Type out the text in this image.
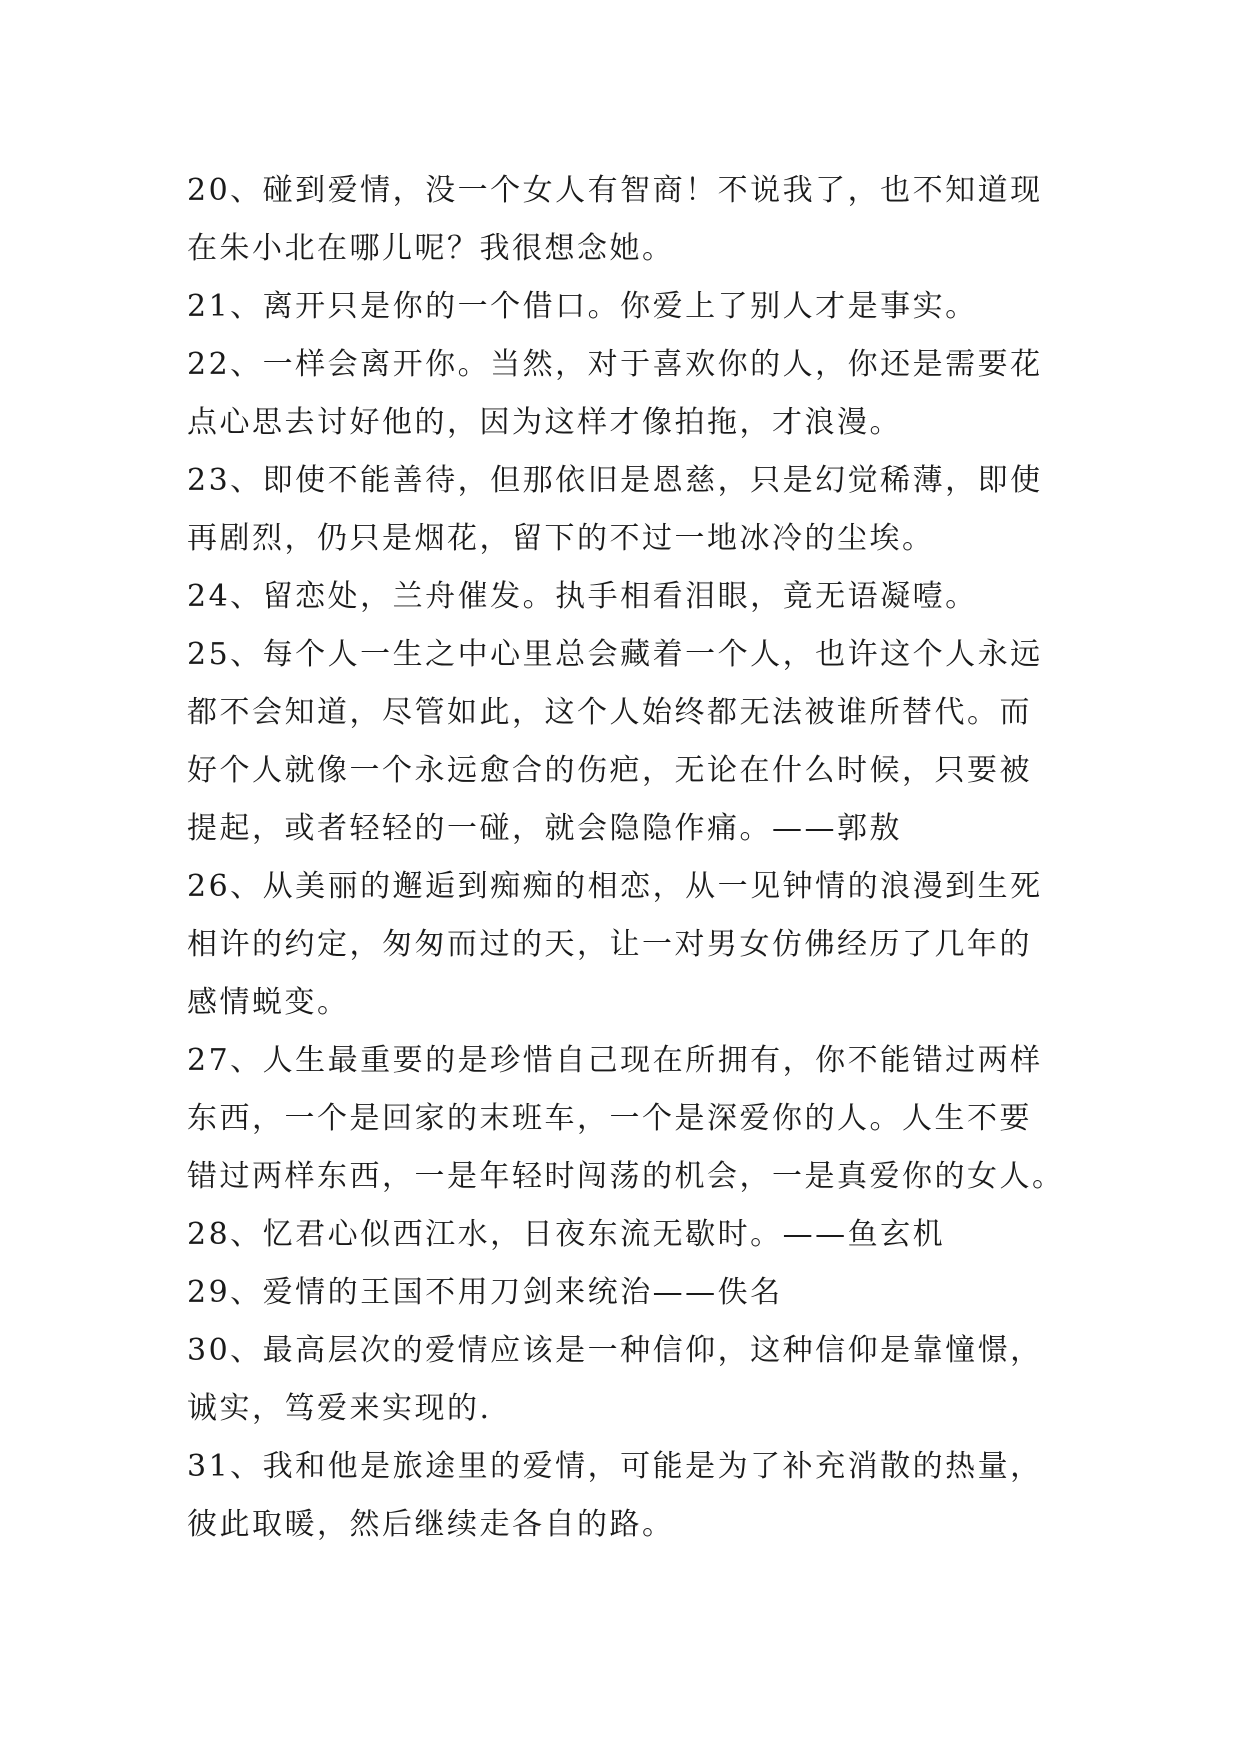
20、碰到爱情，没一个女人有智商！不说我了，也不知道现
在朱小北在哪儿呢？我很想念她。
21、离开只是你的一个借口。你爱上了别人才是事实。
22、一样会离开你。当然，对于喜欢你的人，你还是需要花
点心思去讨好他的，因为这样才像拍拖，才浪漫。
23、即使不能善待，但那依旧是恩慈，只是幻觉稀薄，即使
再剧烈，仍只是烟花，留下的不过一地冰冷的尘埃。
24、留恋处，兰舟催发。执手相看泪眼，竟无语凝噎。
25、每个人一生之中心里总会藏着一个人，也许这个人永远
都不会知道，尽管如此，这个人始终都无法被谁所替代。而
好个人就像一个永远愈合的伤疤，无论在什么时候，只要被
提起，或者轻轻的一碰，就会隐隐作痛。——郭敖
26、从美丽的邂逅到痴痴的相恋，从一见钟情的浪漫到生死
相许的约定，匆匆而过的天，让一对男女仿佛经历了几年的
感情蜕变。
27、人生最重要的是珍惜自己现在所拥有，你不能错过两样
东西，一个是回家的末班车，一个是深爱你的人。人生不要
错过两样东西，一是年轻时闯荡的机会，一是真爱你的女人。
28、忆君心似西江水，日夜东流无歇时。——鱼玄机
29、爱情的王国不用刀剑来统治——佚名
30、最高层次的爱情应该是一种信仰，这种信仰是靠憧憬，
诚实，笃爱来实现的.
31、我和他是旅途里的爱情，可能是为了补充消散的热量，
彼此取暖，然后继续走各自的路。
